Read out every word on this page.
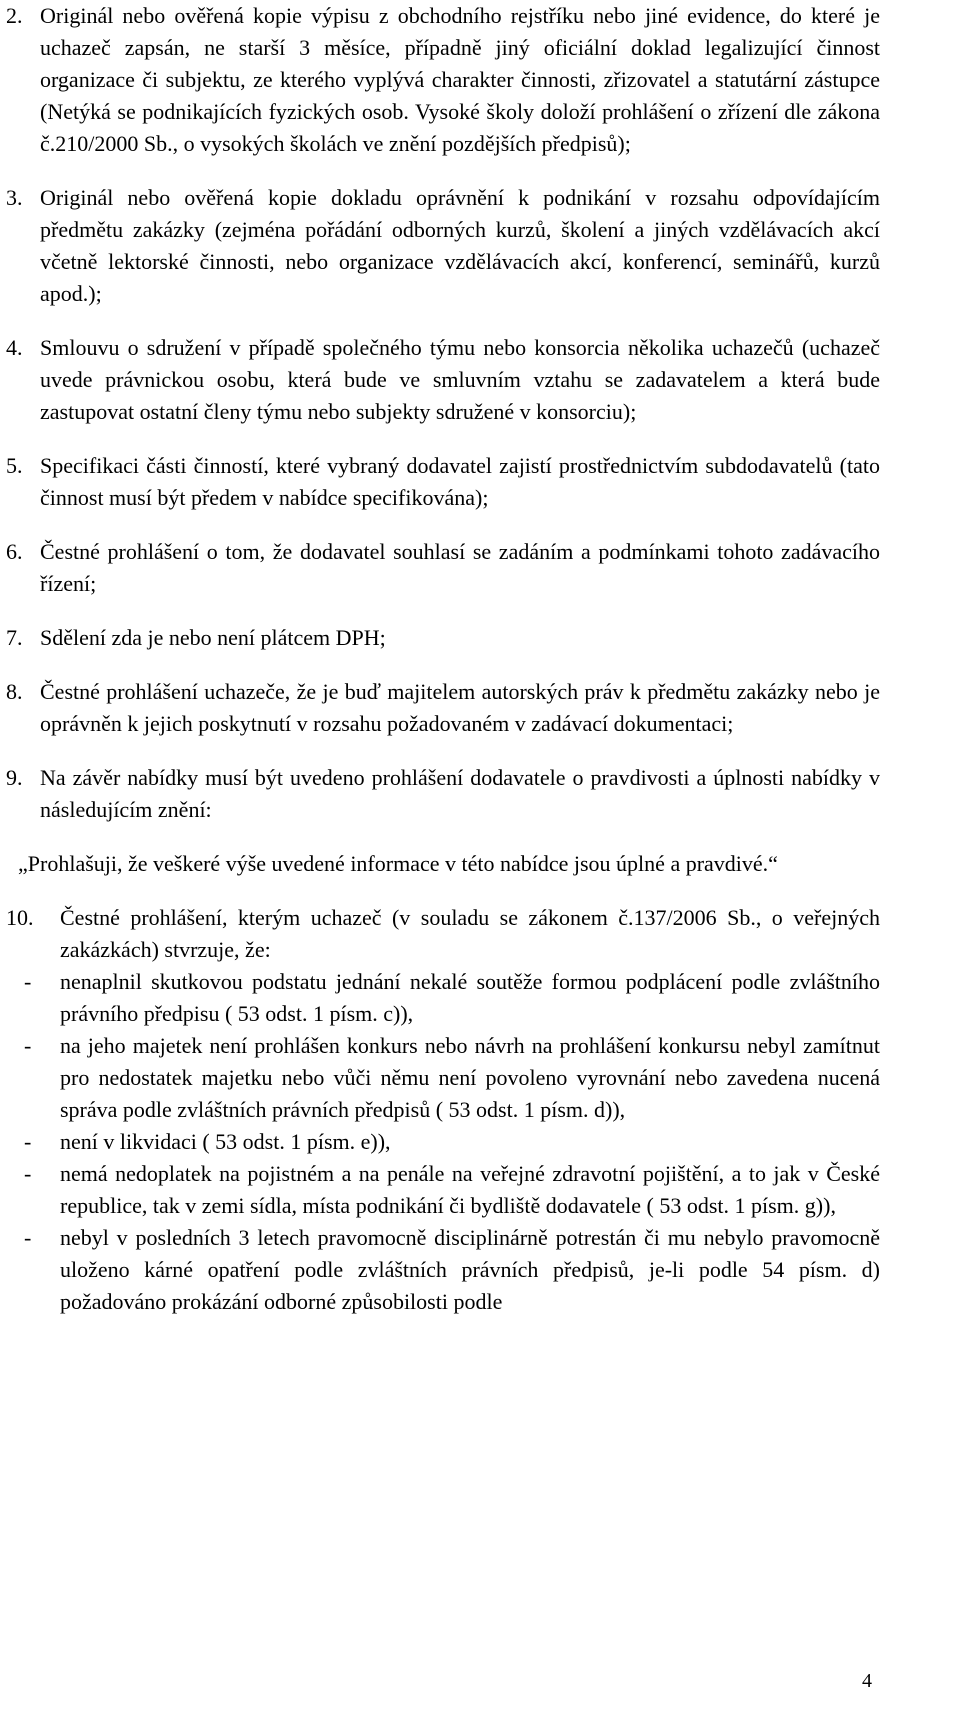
2. Originál nebo ověřená kopie výpisu z obchodního rejstříku nebo jiné evidence, do které je uchazeč zapsán, ne starší 3 měsíce, případně jiný oficiální doklad legalizující činnost organizace či subjektu, ze kterého vyplývá charakter činnosti, zřizovatel a statutární zástupce (Netýká se podnikajících fyzických osob. Vysoké školy doloží prohlášení o zřízení dle zákona č.210/2000 Sb., o vysokých školách ve znění pozdějších předpisů);
3. Originál nebo ověřená kopie dokladu oprávnění k podnikání v rozsahu odpovídajícím předmětu zakázky (zejména pořádání odborných kurzů, školení a jiných vzdělávacích akcí včetně lektorské činnosti, nebo organizace vzdělávacích akcí, konferencí, seminářů, kurzů apod.);
4. Smlouvu o sdružení v případě společného týmu nebo konsorcia několika uchazečů (uchazeč uvede právnickou osobu, která bude ve smluvním vztahu se zadavatelem a která bude zastupovat ostatní členy týmu nebo subjekty sdružené v konsorciu);
5. Specifikaci části činností, které vybraný dodavatel zajistí prostřednictvím subdodavatelů (tato činnost musí být předem v nabídce specifikována);
6. Čestné prohlášení o tom, že dodavatel souhlasí se zadáním a podmínkami tohoto zadávacího řízení;
7. Sdělení zda je nebo není plátcem DPH;
8. Čestné prohlášení uchazeče, že je buď majitelem autorských práv k předmětu zakázky nebo je oprávněn k jejich poskytnutí v rozsahu požadovaném v zadávací dokumentaci;
9. Na závěr nabídky musí být uvedeno prohlášení dodavatele o pravdivosti a úplnosti nabídky v následujícím znění:
„Prohlašuji, že veškeré výše uvedené informace v této nabídce jsou úplné a pravdivé.“
10. Čestné prohlášení, kterým uchazeč (v souladu se zákonem č.137/2006 Sb., o veřejných zakázkách) stvrzuje, že:
- nenaplnil skutkovou podstatu jednání nekalé soutěže formou podplácení podle zvláštního právního předpisu ( 53 odst. 1 písm. c)),
- na jeho majetek není prohlášen konkurs nebo návrh na prohlášení konkursu nebyl zamítnut pro nedostatek majetku nebo vůči němu není povoleno vyrovnání nebo zavedena nucená správa podle zvláštních právních předpisů ( 53 odst. 1 písm. d)),
- není v likvidaci ( 53 odst. 1 písm. e)),
- nemá nedoplatek na pojistném a na penále na veřejné zdravotní pojištění, a to jak v České republice, tak v zemi sídla, místa podnikání či bydliště dodavatele ( 53 odst. 1 písm. g)),
- nebyl v posledních 3 letech pravomocně disciplinárně potrestán či mu nebylo pravomocně uloženo kárné opatření podle zvláštních právních předpisů, je-li podle 54 písm. d) požadováno prokázání odborné způsobilosti podle
4
